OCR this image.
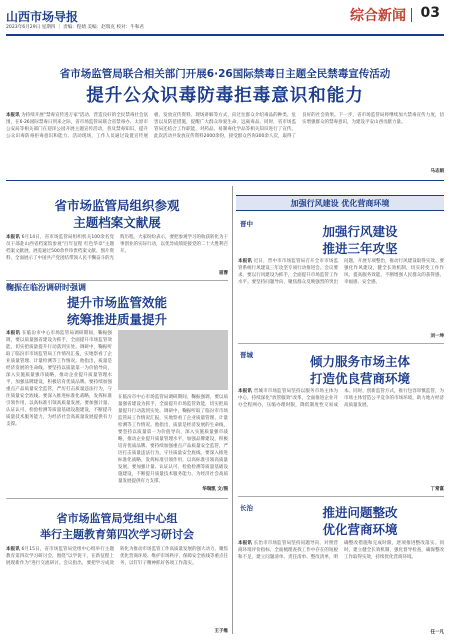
山西市场导报
2023年6月29日 星期四 ｜ 责编：程婧 美编：赵瑞克 校对：牛和君
综合新闻 03
省市场监管局联合相关部门开展6·26国际禁毒日主题全民禁毒宣传活动
提升公众识毒防毒拒毒意识和能力
本报讯 为持续开展"禁毒宣传进万家"活动，营造良好的全民禁毒社会氛围，在6·26国际禁毒日到来之际，省市场监管局联合省禁毒办、太原市公安局等相关部门在迎泽公园开展主题宣传活动，普及禁毒知识，提升公众识毒防毒拒毒意识和能力。活动现场，工作人员通过设置宣传展板、发放宣传资料、现场讲解等方式，向过往群众介绍毒品的种类、危害以及防范措施，提醒广大群众珍爱生命、远离毒品。同时，省市场监管局还结合工作职能，对药品、易制毒化学品等相关知识进行了宣传。此次活动共发放宣传资料2000余份，接受群众咨询300余人次，取得了良好的社会效果。下一步，省市场监管局将继续加大禁毒宣传力度，切实增强群众的禁毒意识，为建设平安山西贡献力量。
马志娟
省市场监管局组织参观
主题档案文献展
本报讯 6月14日，省市场监管局组织机关100余名党员干部赴山西省档案馆参观"百年征程 红色华章"主题档案文献展。展览通过500余件珍贵档案文献、图片资料，全面展示了中国共产党团结带领人民不懈奋斗的光辉历程。大家纷纷表示，要把参观学习的收获转化为干事创业的实际行动，以优异成绩迎接党的二十大胜利召开。
屈蓉
鞠振在临汾调研时强调
提升市场监管效能
统筹推进质量提升
本报讯 在临汾市中心市场监管局调研期间，鞠振强调，要以质量强省建设为抓手，全面提升市场监管效能，切实把质量提升行动落到实处。调研中，鞠振听取了临汾市市场监管局工作情况汇报，实地察看了企业质量管理、计量检测等工作情况。他指出，质量是经济发展的生命线，要坚持以质量第一为价值导向，深入实施质量强市战略，推动企业提升质量管理水平，加强品牌建设，积极培育优质品牌。要持续加强重点产品质量安全监管，严厉打击质量违法行为，守住质量安全底线。要深入推进标准化战略，发挥标准引领作用，以高标准引领高质量发展。要加强计量、认证认可、检验检测等质量基础设施建设，不断提升质量技术服务能力，为经济社会高质量发展提供有力支撑。
在临汾市中心市场监管局调研期间，鞠振强调，要以质量强省建设为抓手，全面提升市场监管效能，切实把质量提升行动落到实处。调研中，鞠振听取了临汾市市场监管局工作情况汇报，实地察看了企业质量管理、计量检测等工作情况。他指出，质量是经济发展的生命线，要坚持以质量第一为价值导向，深入实施质量强市战略，推动企业提升质量管理水平，加强品牌建设，积极培育优质品牌。要持续加强重点产品质量安全监管，严厉打击质量违法行为，守住质量安全底线。要深入推进标准化战略，发挥标准引领作用，以高标准引领高质量发展。要加强计量、认证认可、检验检测等质量基础设施建设，不断提升质量技术服务能力，为经济社会高质量发展提供有力支撑。
华瑞凯 文/图
省市场监管局党组中心组
举行主题教育第四次学习研讨会
本报讯 6月15日，省市场监管局党组中心组举行主题教育第四次学习研讨会，围绕"以学促干，在新征程上展现新作为"进行交流研讨。会议指出，要把学习成效转化为推动市场监管工作高质量发展的强大动力，聚焦优化营商环境、维护市场秩序、保障安全底线等重点任务，以钉钉子精神抓好各项工作落实。
王子维
加强行风建设 优化营商环境
晋中	加强行风建设
推进三年攻坚
本报讯 近日，晋中市市场监管局召开全市市场监管系统行风建设三年攻坚专项行动推进会。会议要求，要以行风建设为抓手，全面提升市场监管工作水平。要坚持问题导向，聚焦群众反映强烈的突出问题，开展专项整治，推动行风建设取得实效。要强化作风建设，健全长效机制，切实转变工作作风，提高服务效能，不断增强人民群众的获得感、幸福感、安全感。
刘一坤
晋城	倾力服务市场主体
打造优良营商环境
本报讯 晋城市市场监管局坚持以服务市场主体为中心，持续深化"放管服效"改革，全面推进企业开办全程网办，压缩办理时限，降低制度性交易成本。同时，创新监管方式，推行包容审慎监管，为市场主体营造公平竞争的市场环境，助力地方经济高质量发展。
丁常富
长治	推进问题整改
优化营商环境
本报讯 长治市市场监管局坚持问题导向，对照营商环境评价指标，全面梳理查找工作中存在的短板和不足，建立问题清单、责任清单、整改清单，明确整改措施和完成时限，逐项推进整改落实。同时，建立健全长效机制，强化督导检查，确保整改工作取得实效，持续优化营商环境。
任一凡
